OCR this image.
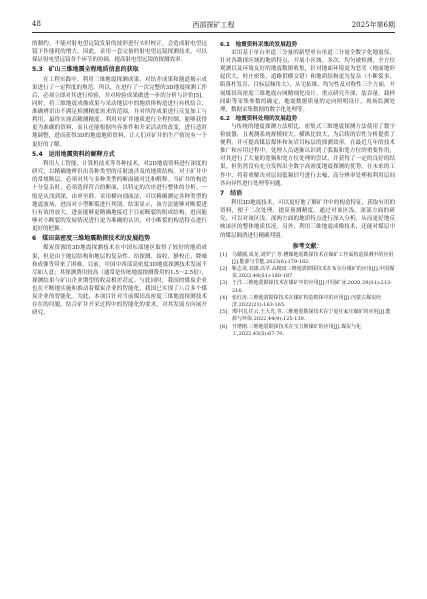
48	西部探矿工程	2025年第6期

的制约，不能对射电望远镜发射的波形进行实时校正，会造成射电望远镜下作能耗的增大。因此，采用一套完备的射电望远镜探测技术，可以保证射电望远镜各个环节的协调，提高射电望远镜的探测效率。

5.3　矿山三维地震全程地质信息的获取

在工程实践中，利用三维地震探测成果，对钻井成果和随道揭示成果进行了一定程度的规范。所以，在进行了一次完整的3D地震探测工作后，必须立即对其进行检验，并对检验成果做进一步的分析与评价[5]。同时，将三维地震成像成果与采动地层中的地质体构造进行有机结合，准确辨识出不满足检测精度需求的范围，并对所得成果进行反复加工与利用，最终实现高精测精度。利用对矿井地质进行全程控制，能够获得更为准确的资料，而且还能根据内容条件和开采活动的改变，进行适时地调整，进而获得3D的地震地质资料，让人们对矿井的生产情况有一个更好的了解。

5.4　运用地震资料的解释方式

利用人工智能、计算机技术等各种技术，对2D地震资料进行深度的研究，以精确地辨识出各种类型的反射波涉及的地质结构。对于矿井中的常规断层，必须对其与多种类型的断面破对比和解释。当矿井的构造十分复杂时，必须选择符合的断面，以特定的次序进行整体的分析。一般是从浅到深，由单至群。采用横向剖面法，可以精确测定各种类型的地震波场，进而对小型断裂进行判别。结果显示，该方法能够对断裂进行有效的放大，进而能够更精确地接近于目前断裂的组成结构，进而能够对小断裂的发展情况进行更为准确的认识，对小断裂的构造特点进行更好的把握。

6　煤田高密度三维地震勘探技术的发展趋势

煤炭资源的3D地震探测技术在中国东部地区取得了较好的地质成果，但是由于地层结构和地层的复杂性、给探测、接收、静校正、降噪和成像等带来了困难。目前，中国中西部高密度3D地震探测技术发展不尽如人意；其探测费用较高（通常是传统地震探测费用的1.5～2.5倍），探测结果与矿山企业期望的收益相差甚远。与此同时，我国的煤炭企业也在不断地实施和推动着煤炭企业的智能化，我国已实现了八百多个煤炭企业的智能化。为此，本项目针对当前煤田高密度三维地震探测技术存在的问题，结合矿井开采过程中的智能化的要求，对其发展方向展开研究。

6.1　地震资料采集的发展趋势

采用基于单台单道三分量的新型单台单道三分量全数字化地震仪，针对各勘探区域的地质特点，开展小区域、多次、均匀被检测，全方位观测以及环境友好的地震数据收集，针对地面环境更为恶劣（地面地形起伏大，村庄密集，道路供横交错）和地质结构更为复杂（小断裂多、陷落柱发育、目标层倾角大），从宅拓维，均匀性及对称性三个方面，开展煤田高密度三维地震台网精细化设计。重点研究升深，装吞量，载样间距等采集参数的确定，地震数据质量的定向照明设计，现场监测处理，数据采集数据的数字化处理等。

6.2　地震资料处理的发展趋势

与传统的地震探测方法相比，密集式三维地震探测方法使用了数字检波器，且观测系统规模较大，横纵比较大，为后续的岩性分析提供了便利，并可提高煤层煤体和灰岩目标层的探测效率。在最近几年的技术推广和应用过程中，处理人员逐渐认识到了弧振和宽方位的重要作用，对其进行了大量的宽频和宽方位处理的尝试，并获得了一定的良好的结果，但仍然没有充分发挥出全数字高密度地震探测的优势。在未来的工作中，将着重解决对层间低频信号进行去噪、高分辨率处理和利用层间各向异性进行处理等问题。

7　结语

利用3D地震技术，可以更好地了解矿井中的构造特征，获取有用的资料，便于二次处理，提高预测精度。通过对该区浅、深部方面的研究，可以对该区浅、深两方面的地质特点进行深入分析，从而更好地反映该区的整体地质状况。另外，利用三维地震成像技术，还能对煤层中的煤层隔渣进行精确判别。

参考文献：
[1] 马耀圃,成龙,刘罗宁,等.槽煤地震勘探技术在煤矿工作面构造探测中的应用[J].能源与节能,2023(6):179-182.
[2] 靳志龙,刘雄,高芊.高精度三维地震勘探技术在布尔台煤矿的应用[J].中国煤炭,2022,48(S1):180-187.
[3] 于洋.三维地震勘探技术在煤矿中的应用[J].中国矿业,2020,29(S1):213-216.
[4] 张红涛.三维地震勘探技术在煤矿构造勘探中的应用[J].内蒙古煤炭经济,2022(21):163-165.
[5] 邢中国,任云,王大光,等.三维地震勘探技术在宁夏任家庄煤矿的应用[J].能源与环保,2022,44(9):125-130.
[6] 开增刚.三维地震勘探技术在宝力斯煤矿的应用[J].煤炭与化工,2022,45(5):67-70.
